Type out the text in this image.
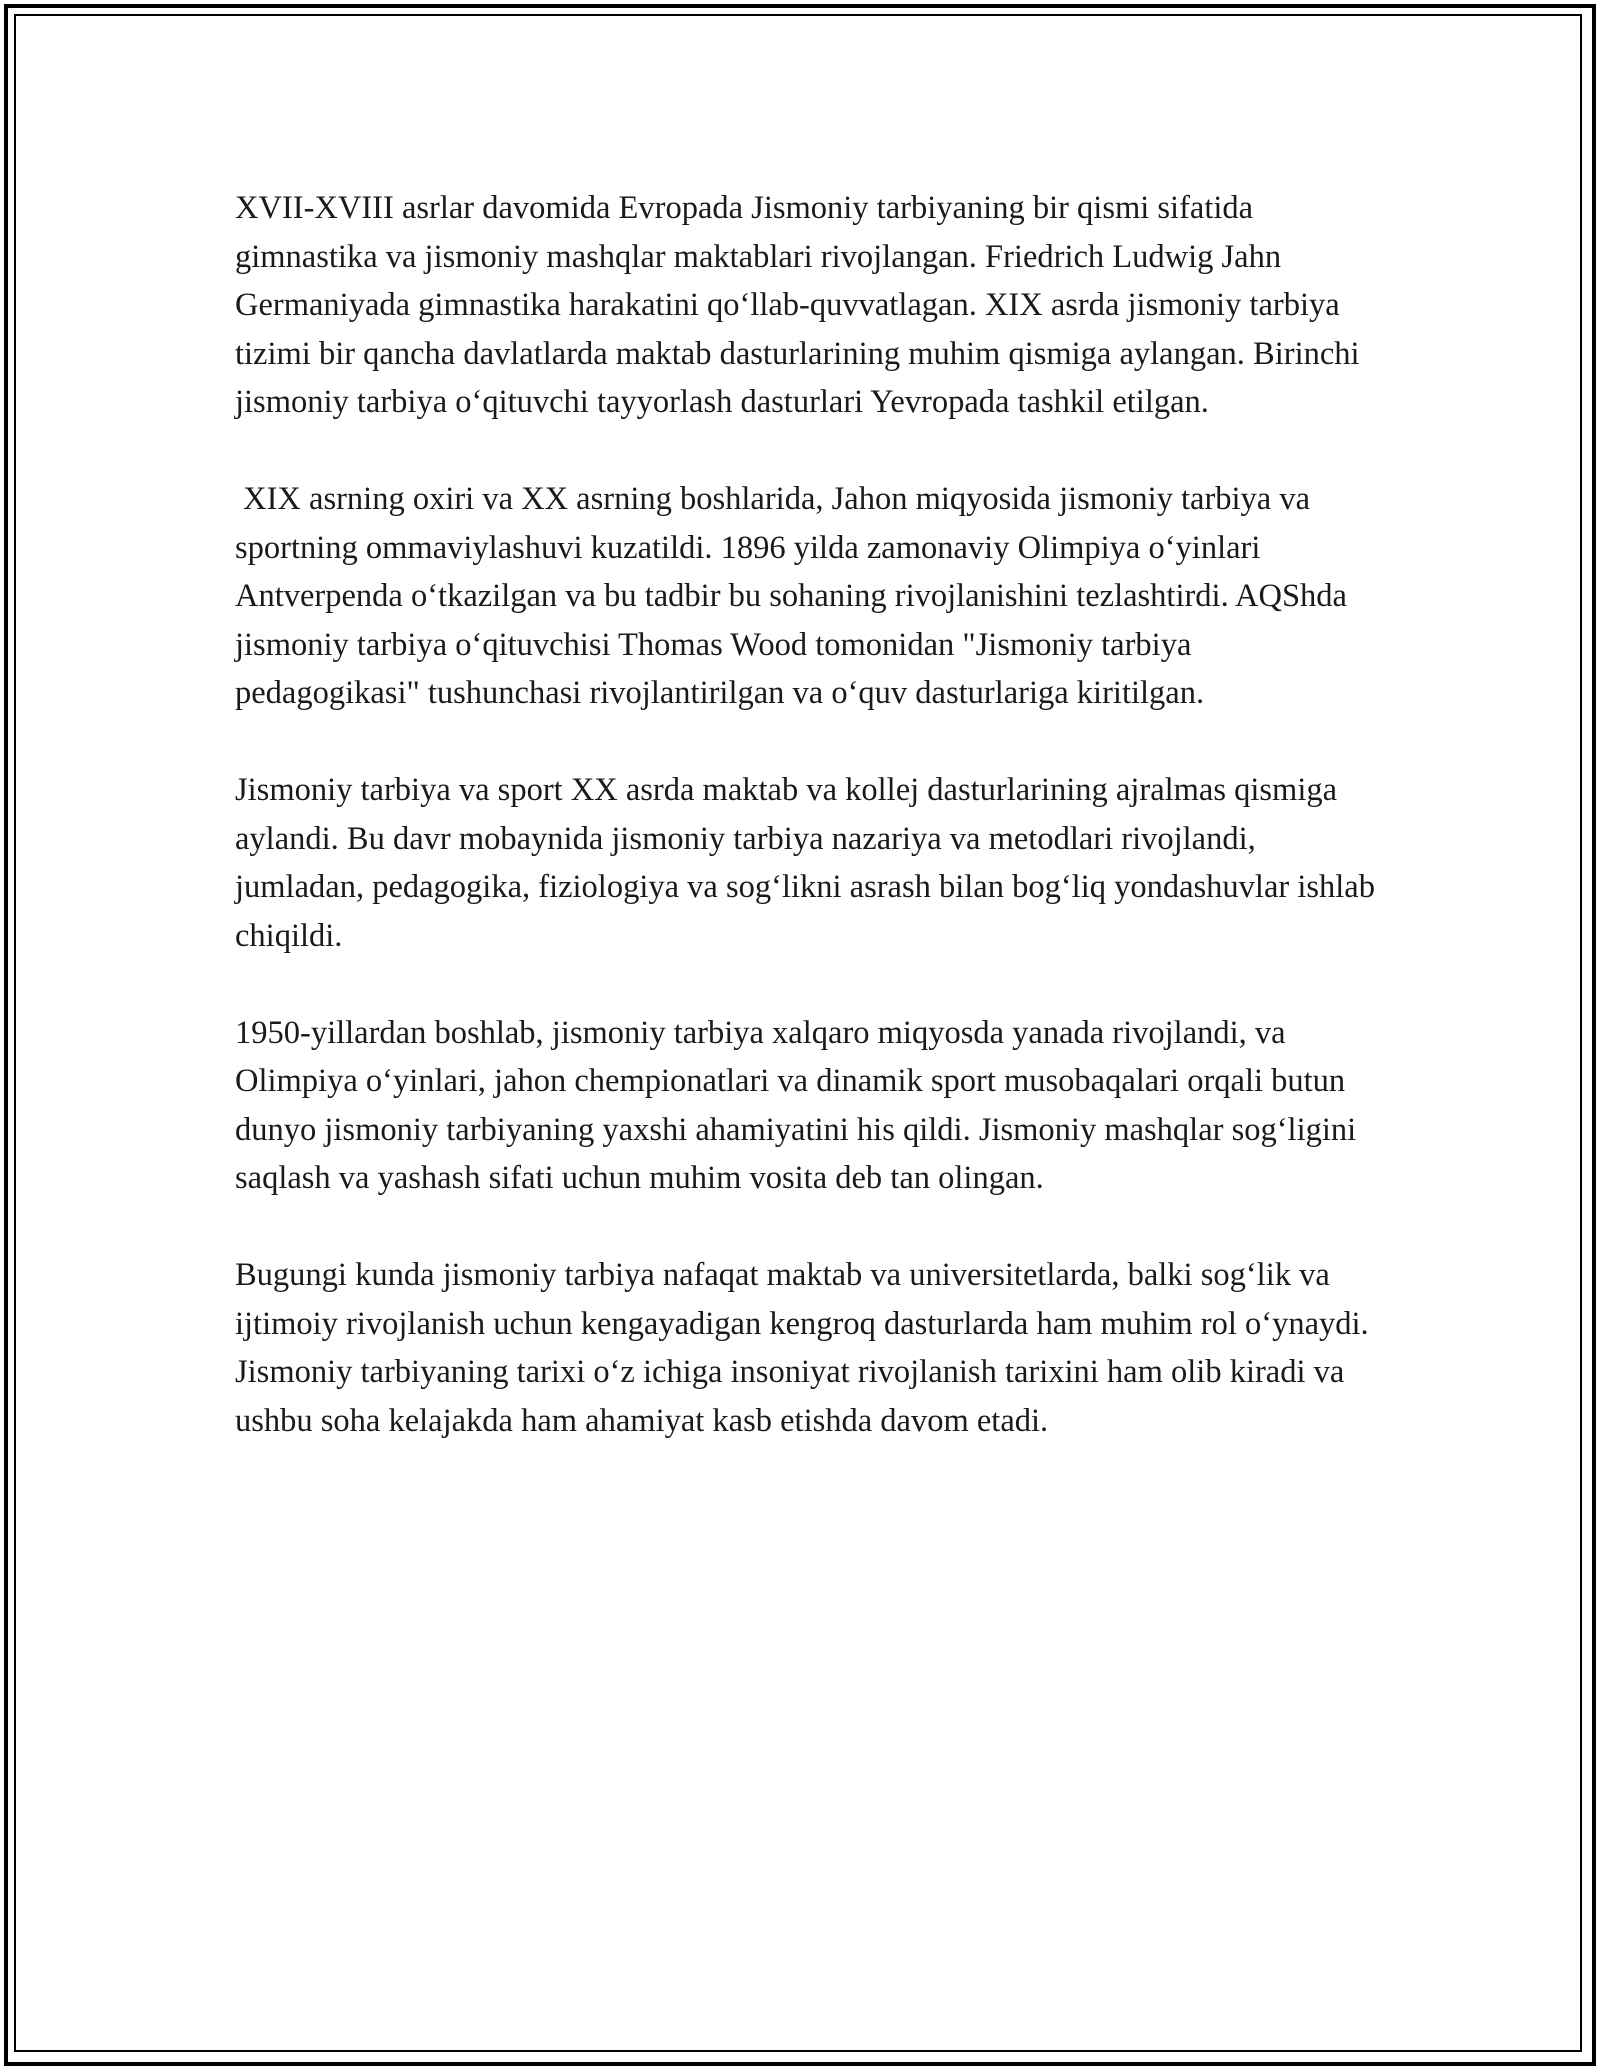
XVII-XVIII asrlar davomida Evropada Jismoniy tarbiyaning bir qismi sifatida gimnastika va jismoniy mashqlar maktablari rivojlangan. Friedrich Ludwig Jahn Germaniyada gimnastika harakatini qo‘llab-quvvatlagan. XIX asrda jismoniy tarbiya tizimi bir qancha davlatlarda maktab dasturlarining muhim qismiga aylangan. Birinchi jismoniy tarbiya o‘qituvchi tayyorlash dasturlari Yevropada tashkil etilgan.

XIX asrning oxiri va XX asrning boshlarida, Jahon miqyosida jismoniy tarbiya va sportning ommaviylashuvi kuzatildi. 1896 yilda zamonaviy Olimpiya o‘yinlari Antverpenda o‘tkazilgan va bu tadbir bu sohaning rivojlanishini tezlashtirdi. AQShda jismoniy tarbiya o‘qituvchisi Thomas Wood tomonidan "Jismoniy tarbiya pedagogikasi" tushunchasi rivojlantirilgan va o‘quv dasturlariga kiritilgan.

Jismoniy tarbiya va sport XX asrda maktab va kollej dasturlarining ajralmas qismiga aylandi. Bu davr mobaynida jismoniy tarbiya nazariya va metodlari rivojlandi, jumladan, pedagogika, fiziologiya va sog‘likni asrash bilan bog‘liq yondashuvlar ishlab chiqildi.

1950-yillardan boshlab, jismoniy tarbiya xalqaro miqyosda yanada rivojlandi, va Olimpiya o‘yinlari, jahon chempionatlari va dinamik sport musobaqalari orqali butun dunyo jismoniy tarbiyaning yaxshi ahamiyatini his qildi. Jismoniy mashqlar sog‘ligini saqlash va yashash sifati uchun muhim vosita deb tan olingan.

Bugungi kunda jismoniy tarbiya nafaqat maktab va universitetlarda, balki sog‘lik va ijtimoiy rivojlanish uchun kengayadigan kengroq dasturlarda ham muhim rol o‘ynaydi. Jismoniy tarbiyaning tarixi o‘z ichiga insoniyat rivojlanish tarixini ham olib kiradi va ushbu soha kelajakda ham ahamiyat kasb etishda davom etadi.
